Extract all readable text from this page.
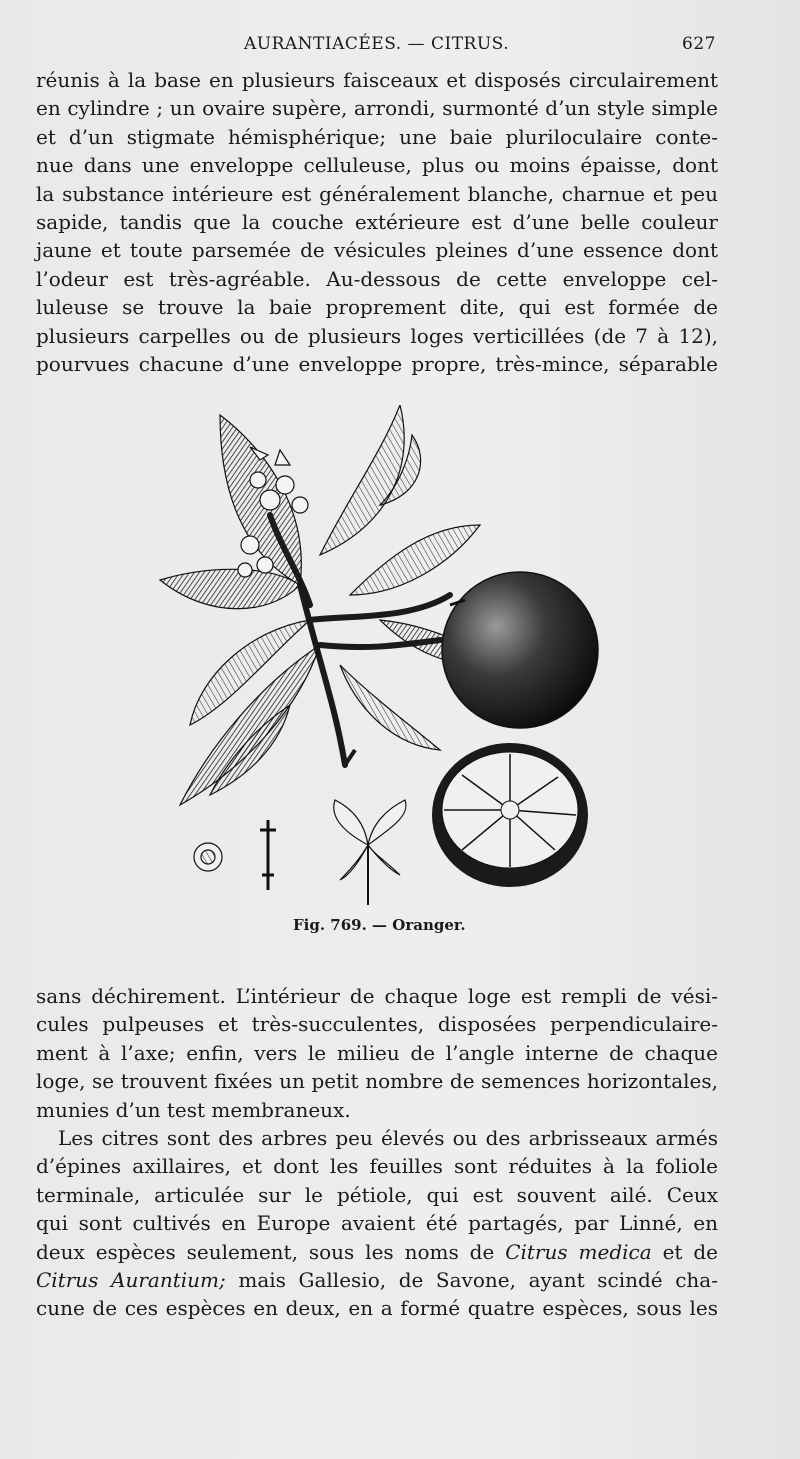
AURANTIACÉES. — CITRUS.	627
réunis à la base en plusieurs faisceaux et disposés circulairement
en cylindre ; un ovaire supère, arrondi, surmonté d’un style simple
et d’un stigmate hémisphérique; une baie pluriloculaire conte-
nue dans une enveloppe celluleuse, plus ou moins épaisse, dont
la substance intérieure est généralement blanche, charnue et peu
sapide, tandis que la couche extérieure est d’une belle couleur
jaune et toute parsemée de vésicules pleines d’une essence dont
l’odeur est très-agréable. Au-dessous de cette enveloppe cel-
luleuse se trouve la baie proprement dite, qui est formée de
plusieurs carpelles ou de plusieurs loges verticillées (de 7 à 12),
pourvues chacune d’une enveloppe propre, très-mince, séparable
Fig. 769. — Oranger.
sans déchirement. L’intérieur de chaque loge est rempli de vési-
cules pulpeuses et très-succulentes, disposées perpendiculaire-
ment à l’axe; enfin, vers le milieu de l’angle interne de chaque
loge, se trouvent fixées un petit nombre de semences horizontales,
munies d’un test membraneux.
Les citres sont des arbres peu élevés ou des arbrisseaux armés
d’épines axillaires, et dont les feuilles sont réduites à la foliole
terminale, articulée sur le pétiole, qui est souvent ailé. Ceux
qui sont cultivés en Europe avaient été partagés, par Linné, en
deux espèces seulement, sous les noms de Citrus medica et de
Citrus Aurantium; mais Gallesio, de Savone, ayant scindé cha-
cune de ces espèces en deux, en a formé quatre espèces, sous les
